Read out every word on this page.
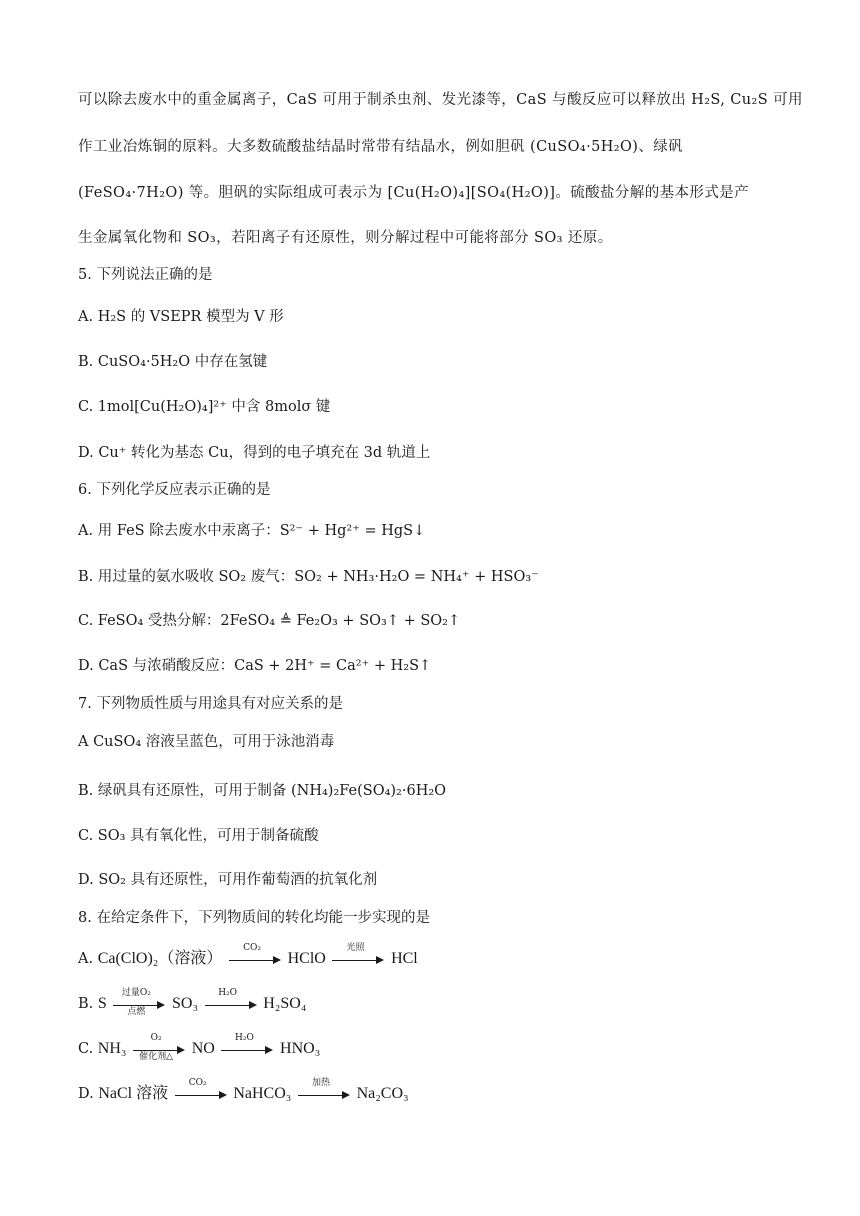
可以除去废水中的重金属离子，CaS 可用于制杀虫剂、发光漆等，CaS 与酸反应可以释放出 H₂S, Cu₂S 可用
作工业冶炼铜的原料。大多数硫酸盐结晶时常带有结晶水，例如胆矾 (CuSO₄·5H₂O)、绿矾
(FeSO₄·7H₂O) 等。胆矾的实际组成可表示为 [Cu(H₂O)₄][SO₄(H₂O)]。硫酸盐分解的基本形式是产
生金属氧化物和 SO₃，若阳离子有还原性，则分解过程中可能将部分 SO₃ 还原。
5. 下列说法正确的是
A. H₂S 的 VSEPR 模型为 V 形
B. CuSO₄·5H₂O 中存在氢键
C. 1mol[Cu(H₂O)₄]²⁺ 中含 8molσ 键
D. Cu⁺ 转化为基态 Cu，得到的电子填充在 3d 轨道上
6. 下列化学反应表示正确的是
A. 用 FeS 除去废水中汞离子：S²⁻ + Hg²⁺ = HgS↓
B. 用过量的氨水吸收 SO₂ 废气：SO₂ + NH₃·H₂O = NH₄⁺ + HSO₃⁻
C. FeSO₄ 受热分解：2FeSO₄ ≜ Fe₂O₃ + SO₃↑ + SO₂↑
D. CaS 与浓硝酸反应：CaS + 2H⁺ = Ca²⁺ + H₂S↑
7. 下列物质性质与用途具有对应关系的是
A CuSO₄ 溶液呈蓝色，可用于泳池消毒
B. 绿矾具有还原性，可用于制备 (NH₄)₂Fe(SO₄)₂·6H₂O
C. SO₃ 具有氧化性，可用于制备硫酸
D. SO₂ 具有还原性，可用作葡萄酒的抗氧化剂
8. 在给定条件下，下列物质间的转化均能一步实现的是
A. Ca(ClO)₂（溶液）
CO₂
HClO
光照
HCl
B. S
过量O₂
点燃	SO₃
H₂O
H₂SO₄
C. NH₃
O₂
催化剂△	NO
H₂O
HNO₃
D. NaCl 溶液
CO₂
NaHCO₃
加热
Na₂CO₃
